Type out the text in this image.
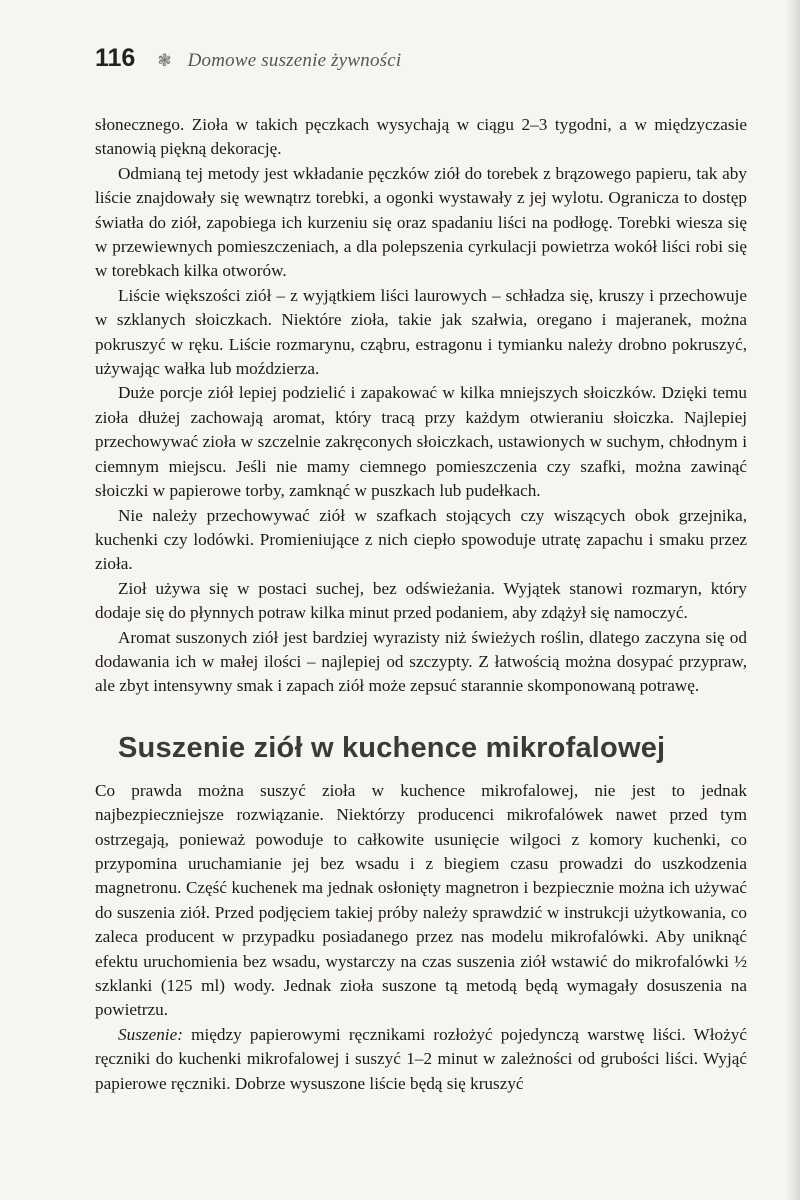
116 ❃ Domowe suszenie żywności

słonecznego. Zioła w takich pęczkach wysychają w ciągu 2–3 tygodni, a w międzyczasie stanowią piękną dekorację.

Odmianą tej metody jest wkładanie pęczków ziół do torebek z brązowego papieru, tak aby liście znajdowały się wewnątrz torebki, a ogonki wystawały z jej wylotu. Ogranicza to dostęp światła do ziół, zapobiega ich kurzeniu się oraz spadaniu liści na podłogę. Torebki wiesza się w przewiewnych pomieszczeniach, a dla polepszenia cyrkulacji powietrza wokół liści robi się w torebkach kilka otworów.

Liście większości ziół – z wyjątkiem liści laurowych – schładza się, kruszy i przechowuje w szklanych słoiczkach. Niektóre zioła, takie jak szałwia, oregano i majeranek, można pokruszyć w ręku. Liście rozmarynu, cząbru, estragonu i tymianku należy drobno pokruszyć, używając wałka lub moździerza.

Duże porcje ziół lepiej podzielić i zapakować w kilka mniejszych słoiczków. Dzięki temu zioła dłużej zachowają aromat, który tracą przy każdym otwieraniu słoiczka. Najlepiej przechowywać zioła w szczelnie zakręconych słoiczkach, ustawionych w suchym, chłodnym i ciemnym miejscu. Jeśli nie mamy ciemnego pomieszczenia czy szafki, można zawinąć słoiczki w papierowe torby, zamknąć w puszkach lub pudełkach.

Nie należy przechowywać ziół w szafkach stojących czy wiszących obok grzejnika, kuchenki czy lodówki. Promieniujące z nich ciepło spowoduje utratę zapachu i smaku przez zioła.

Zioł używa się w postaci suchej, bez odświeżania. Wyjątek stanowi rozmaryn, który dodaje się do płynnych potraw kilka minut przed podaniem, aby zdążył się namoczyć.

Aromat suszonych ziół jest bardziej wyrazisty niż świeżych roślin, dlatego zaczyna się od dodawania ich w małej ilości – najlepiej od szczypty. Z łatwością można dosypać przypraw, ale zbyt intensywny smak i zapach ziół może zepsuć starannie skomponowaną potrawę.

Suszenie ziół w kuchence mikrofalowej

Co prawda można suszyć zioła w kuchence mikrofalowej, nie jest to jednak najbezpieczniejsze rozwiązanie. Niektórzy producenci mikrofalówek nawet przed tym ostrzegają, ponieważ powoduje to całkowite usunięcie wilgoci z komory kuchenki, co przypomina uruchamianie jej bez wsadu i z biegiem czasu prowadzi do uszkodzenia magnetronu. Część kuchenek ma jednak osłonięty magnetron i bezpiecznie można ich używać do suszenia ziół. Przed podjęciem takiej próby należy sprawdzić w instrukcji użytkowania, co zaleca producent w przypadku posiadanego przez nas modelu mikrofalówki. Aby uniknąć efektu uruchomienia bez wsadu, wystarczy na czas suszenia ziół wstawić do mikrofalówki ½ szklanki (125 ml) wody. Jednak zioła suszone tą metodą będą wymagały dosuszenia na powietrzu.

Suszenie: między papierowymi ręcznikami rozłożyć pojedynczą warstwę liści. Włożyć ręczniki do kuchenki mikrofalowej i suszyć 1–2 minut w zależności od grubości liści. Wyjąć papierowe ręczniki. Dobrze wysuszone liście będą się kruszyć
